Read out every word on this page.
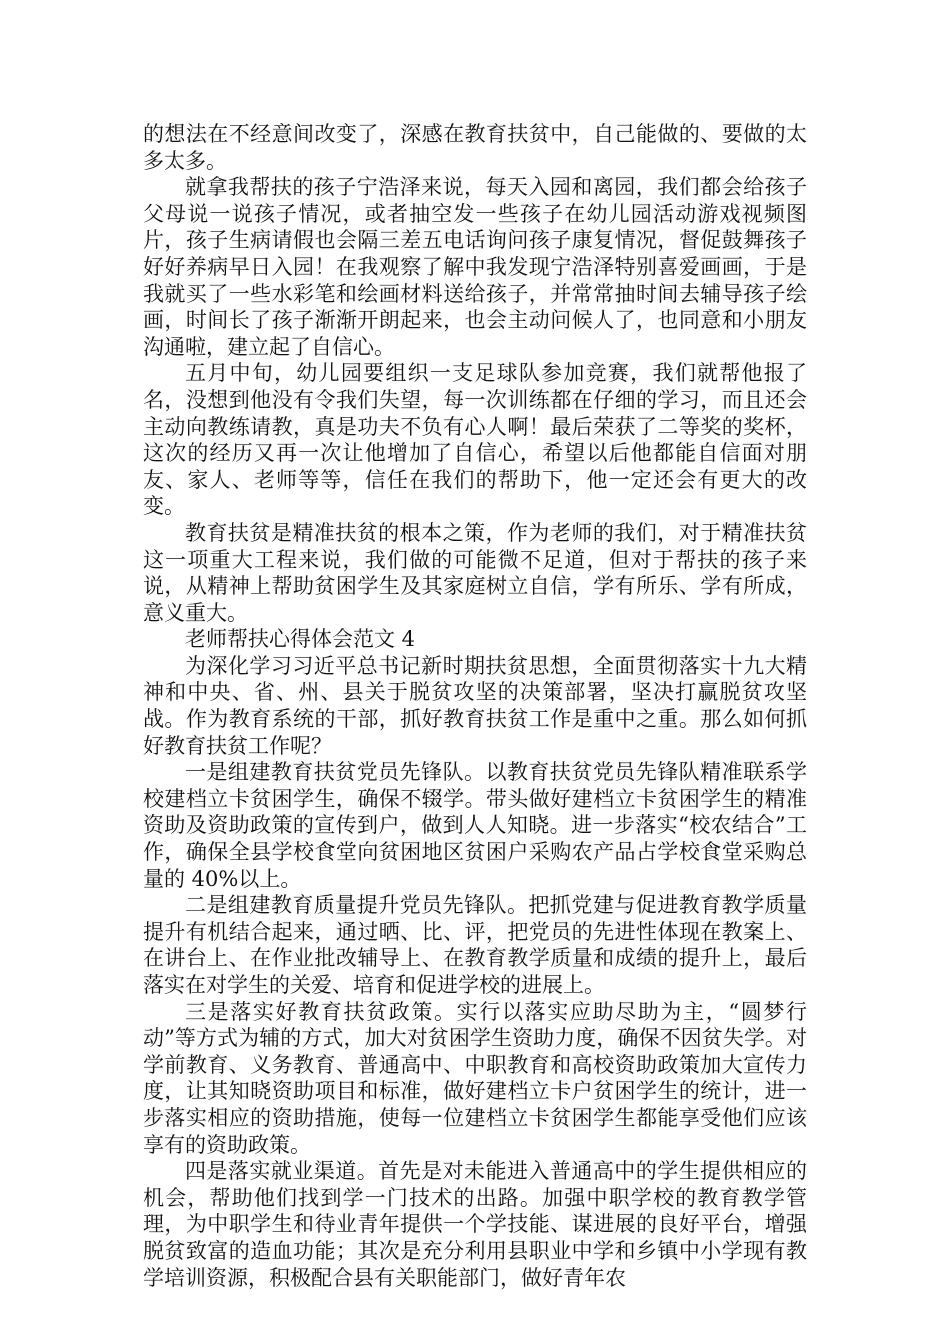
的想法在不经意间改变了，深感在教育扶贫中，自己能做的、要做的太多太多。

就拿我帮扶的孩子宁浩泽来说，每天入园和离园，我们都会给孩子父母说一说孩子情况，或者抽空发一些孩子在幼儿园活动游戏视频图片，孩子生病请假也会隔三差五电话询问孩子康复情况，督促鼓舞孩子好好养病早日入园！在我观察了解中我发现宁浩泽特别喜爱画画，于是我就买了一些水彩笔和绘画材料送给孩子，并常常抽时间去辅导孩子绘画，时间长了孩子渐渐开朗起来，也会主动问候人了，也同意和小朋友沟通啦，建立起了自信心。

五月中旬，幼儿园要组织一支足球队参加竞赛，我们就帮他报了名，没想到他没有令我们失望，每一次训练都在仔细的学习，而且还会主动向教练请教，真是功夫不负有心人啊！最后荣获了二等奖的奖杯，这次的经历又再一次让他增加了自信心，希望以后他都能自信面对朋友、家人、老师等等，信任在我们的帮助下，他一定还会有更大的改变。

教育扶贫是精准扶贫的根本之策，作为老师的我们，对于精准扶贫这一项重大工程来说，我们做的可能微不足道，但对于帮扶的孩子来说，从精神上帮助贫困学生及其家庭树立自信，学有所乐、学有所成，意义重大。

老师帮扶心得体会范文 4

为深化学习习近平总书记新时期扶贫思想，全面贯彻落实十九大精神和中央、省、州、县关于脱贫攻坚的决策部署，坚决打赢脱贫攻坚战。作为教育系统的干部，抓好教育扶贫工作是重中之重。那么如何抓好教育扶贫工作呢？

一是组建教育扶贫党员先锋队。以教育扶贫党员先锋队精准联系学校建档立卡贫困学生，确保不辍学。带头做好建档立卡贫困学生的精准资助及资助政策的宣传到户，做到人人知晓。进一步落实“校农结合”工作，确保全县学校食堂向贫困地区贫困户采购农产品占学校食堂采购总量的 40%以上。

二是组建教育质量提升党员先锋队。把抓党建与促进教育教学质量提升有机结合起来，通过晒、比、评，把党员的先进性体现在教案上、在讲台上、在作业批改辅导上、在教育教学质量和成绩的提升上，最后落实在对学生的关爱、培育和促进学校的进展上。

三是落实好教育扶贫政策。实行以落实应助尽助为主，“圆梦行动”等方式为辅的方式，加大对贫困学生资助力度，确保不因贫失学。对学前教育、义务教育、普通高中、中职教育和高校资助政策加大宣传力度，让其知晓资助项目和标准，做好建档立卡户贫困学生的统计，进一步落实相应的资助措施，使每一位建档立卡贫困学生都能享受他们应该享有的资助政策。

四是落实就业渠道。首先是对未能进入普通高中的学生提供相应的机会，帮助他们找到学一门技术的出路。加强中职学校的教育教学管理，为中职学生和待业青年提供一个学技能、谋进展的良好平台，增强脱贫致富的造血功能；其次是充分利用县职业中学和乡镇中小学现有教学培训资源，积极配合县有关职能部门，做好青年农
